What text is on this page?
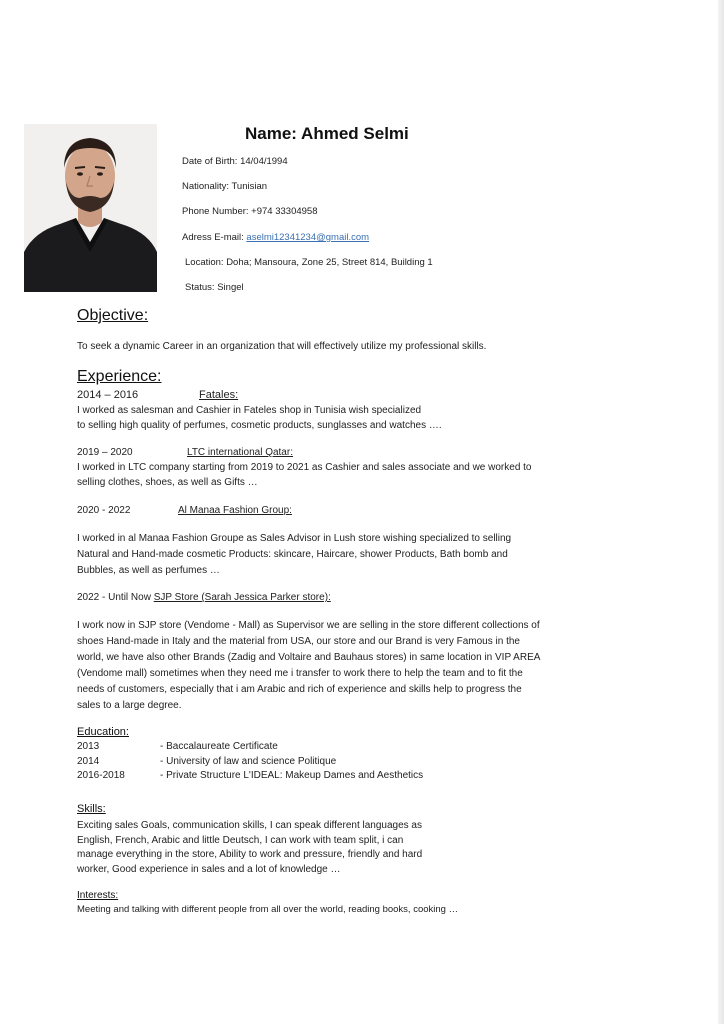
Name: Ahmed Selmi
Date of Birth: 14/04/1994
Nationality: Tunisian
Phone Number: +974 33304958
Adress E-mail: aselmi12341234@gmail.com
Location: Doha; Mansoura, Zone 25, Street 814, Building 1
Status: Singel
Objective:
To seek a dynamic Career in an organization that will effectively utilize my professional skills.
Experience:
2014 – 2016	Fatales:
I worked as salesman and Cashier in Fateles shop in Tunisia wish specialized
to selling high quality of perfumes, cosmetic products, sunglasses and watches ….
2019 – 2020	LTC international Qatar:
I worked in LTC company starting from 2019 to 2021 as Cashier and sales associate and we worked to
selling clothes, shoes, as well as Gifts …
2020 - 2022	Al Manaa Fashion Group:
I worked in al Manaa Fashion Groupe as Sales Advisor in Lush store wishing specialized to selling
Natural and Hand-made cosmetic Products: skincare, Haircare, shower Products, Bath bomb and
Bubbles, as well as perfumes …
2022 - Until Now SJP Store (Sarah Jessica Parker store):
I work now in SJP store (Vendome - Mall) as Supervisor we are selling in the store different collections of
shoes Hand-made in Italy and the material from USA, our store and our Brand is very Famous in the
world, we have also other Brands (Zadig and Voltaire and Bauhaus stores) in same location in VIP AREA
(Vendome mall) sometimes when they need me i transfer to work there to help the team and to fit the
needs of customers, especially that i am Arabic and rich of experience and skills help to progress the
sales to a large degree.
Education:
2013	- Baccalaureate Certificate
2014	- University of law and science Politique
2016-2018	- Private Structure L'IDEAL: Makeup Dames and Aesthetics
Skills:
Exciting sales Goals, communication skills, I can speak different languages as
English, French, Arabic and little Deutsch, I can work with team split, i can
manage everything in the store, Ability to work and pressure, friendly and hard
worker, Good experience in sales and a lot of knowledge …
Interests:
Meeting and talking with different people from all over the world, reading books, cooking …
